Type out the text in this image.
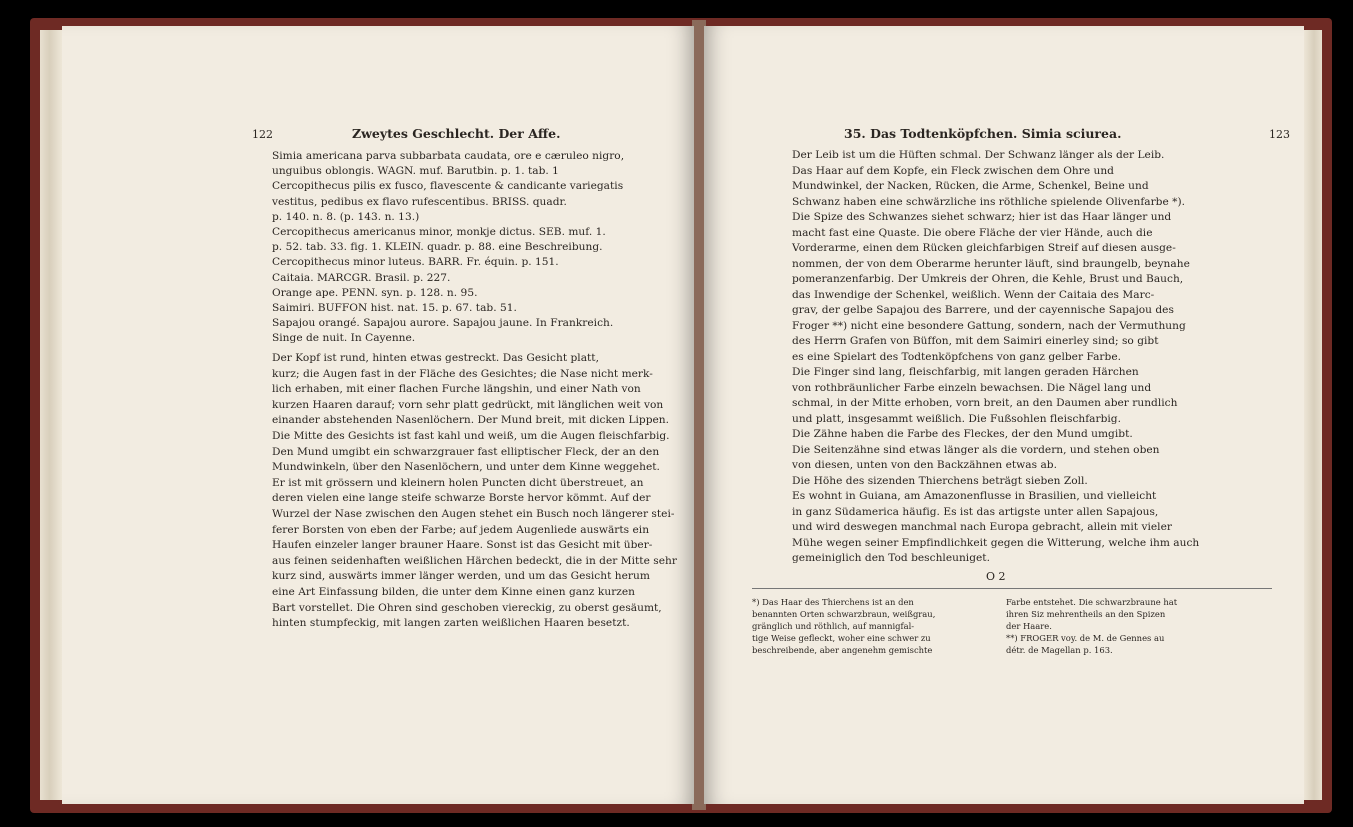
122	Zweytes Geschlecht. Der Affe.
Simia americana parva subbarbata caudata, ore e cæruleo nigro,
unguibus oblongis. WAGN. muf. Barutbin. p. 1. tab. 1
Cercopithecus pilis ex fusco, flavescente & candicante variegatis
vestitus, pedibus ex flavo rufescentibus. BRISS. quadr.
p. 140. n. 8. (p. 143. n. 13.)
Cercopithecus americanus minor, monkje dictus. SEB. muf. 1.
p. 52. tab. 33. fig. 1. KLEIN. quadr. p. 88. eine Beschreibung.
Cercopithecus minor luteus. BARR. Fr. équin. p. 151.
Caitaia. MARCGR. Brasil. p. 227.
Orange ape. PENN. syn. p. 128. n. 95.
Saimiri. BUFFON hist. nat. 15. p. 67. tab. 51.
Sapajou orangé. Sapajou aurore. Sapajou jaune. In Frankreich.
Singe de nuit. In Cayenne.
Der Kopf ist rund, hinten etwas gestreckt. Das Gesicht platt,
kurz; die Augen fast in der Fläche des Gesichtes; die Nase nicht merk-
lich erhaben, mit einer flachen Furche längshin, und einer Nath von
kurzen Haaren darauf; vorn sehr platt gedrückt, mit länglichen weit von
einander abstehenden Nasenlöchern. Der Mund breit, mit dicken Lippen.
Die Mitte des Gesichts ist fast kahl und weiß, um die Augen fleischfarbig.
Den Mund umgibt ein schwarzgrauer fast elliptischer Fleck, der an den
Mundwinkeln, über den Nasenlöchern, und unter dem Kinne weggehet.
Er ist mit grössern und kleinern holen Puncten dicht überstreuet, an
deren vielen eine lange steife schwarze Borste hervor kömmt. Auf der
Wurzel der Nase zwischen den Augen stehet ein Busch noch längerer stei-
ferer Borsten von eben der Farbe; auf jedem Augenliede auswärts ein
Haufen einzeler langer brauner Haare. Sonst ist das Gesicht mit über-
aus feinen seidenhaften weißlichen Härchen bedeckt, die in der Mitte sehr
kurz sind, auswärts immer länger werden, und um das Gesicht herum
eine Art Einfassung bilden, die unter dem Kinne einen ganz kurzen
Bart vorstellet. Die Ohren sind geschoben viereckig, zu oberst gesäumt,
hinten stumpfeckig, mit langen zarten weißlichen Haaren besetzt.
35. Das Todtenköpfchen. Simia sciurea.	123
Der Leib ist um die Hüften schmal. Der Schwanz länger als der Leib.
Das Haar auf dem Kopfe, ein Fleck zwischen dem Ohre und
Mundwinkel, der Nacken, Rücken, die Arme, Schenkel, Beine und
Schwanz haben eine schwärzliche ins röthliche spielende Olivenfarbe *).
Die Spize des Schwanzes siehet schwarz; hier ist das Haar länger und
macht fast eine Quaste. Die obere Fläche der vier Hände, auch die
Vorderarme, einen dem Rücken gleichfarbigen Streif auf diesen ausge-
nommen, der von dem Oberarme herunter läuft, sind braungelb, beynahe
pomeranzenfarbig. Der Umkreis der Ohren, die Kehle, Brust und Bauch,
das Inwendige der Schenkel, weißlich. Wenn der Caitaia des Marc-
grav, der gelbe Sapajou des Barrere, und der cayennische Sapajou des
Froger **) nicht eine besondere Gattung, sondern, nach der Vermuthung
des Herrn Grafen von Büffon, mit dem Saimiri einerley sind; so gibt
es eine Spielart des Todtenköpfchens von ganz gelber Farbe.
Die Finger sind lang, fleischfarbig, mit langen geraden Härchen
von rothbräunlicher Farbe einzeln bewachsen. Die Nägel lang und
schmal, in der Mitte erhoben, vorn breit, an den Daumen aber rundlich
und platt, insgesammt weißlich. Die Fußsohlen fleischfarbig.
Die Zähne haben die Farbe des Fleckes, der den Mund umgibt.
Die Seitenzähne sind etwas länger als die vordern, und stehen oben
von diesen, unten von den Backzähnen etwas ab.
Die Höhe des sizenden Thierchens beträgt sieben Zoll.
Es wohnt in Guiana, am Amazonenflusse in Brasilien, und vielleicht
in ganz Südamerica häufig. Es ist das artigste unter allen Sapajous,
und wird deswegen manchmal nach Europa gebracht, allein mit vieler
Mühe wegen seiner Empfindlichkeit gegen die Witterung, welche ihm auch
gemeiniglich den Tod beschleuniget.
O 2
*) Das Haar des Thierchens ist an den
benannten Orten schwarzbraun, weißgrau,
gränglich und röthlich, auf mannigfal-
tige Weise gefleckt, woher eine schwer zu
beschreibende, aber angenehm gemischte
Farbe entstehet. Die schwarzbraune hat
ihren Siz mehrentheils an den Spizen
der Haare.
**) FROGER voy. de M. de Gennes au
détr. de Magellan p. 163.
